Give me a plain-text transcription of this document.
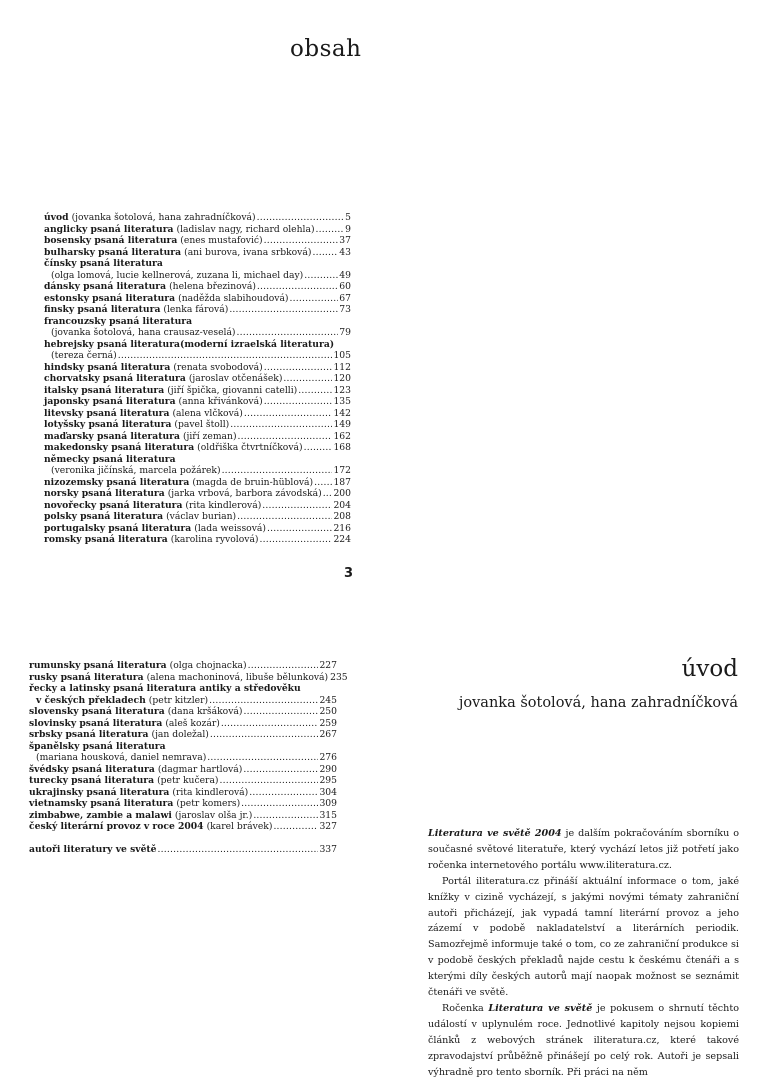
obsah
úvod (jovanka šotolová, hana zahradníčková) .....	5
anglicky psaná literatura (ladislav nagy, richard olehla) .....	9
bosensky psaná literatura (enes mustafović) .....	37
bulharsky psaná literatura (ani burova, ivana srbková) .....	43
čínsky psaná literatura
(olga lomová, lucie kellnerová, zuzana li, michael day) .....	49
dánsky psaná literatura (helena březinová) .....	60
estonsky psaná literatura (naděžda slabihoudová) .....	67
finsky psaná literatura (lenka fárová) .....	73
francouzsky psaná literatura
(jovanka šotolová, hana crausaz-veselá) .....	79
hebrejsky psaná literatura(moderní izraelská literatura)
(tereza černá) .....	105
hindsky psaná literatura (renata svobodová) .....	112
chorvatsky psaná literatura (jaroslav otčenášek) .....	120
italsky psaná literatura (jiří špička, giovanni catelli) .....	123
japonsky psaná literatura (anna křivánková) .....	135
litevsky psaná literatura (alena vlčková) .....	142
lotyšsky psaná literatura (pavel štoll) .....	149
maďarsky psaná literatura (jiří zeman) .....	162
makedonsky psaná literatura (oldřiška čtvrtníčková) .....	168
německy psaná literatura
(veronika jičínská, marcela požárek) .....	172
nizozemsky psaná literatura (magda de bruin-hüblová) ..... 187
norsky psaná literatura (jarka vrbová, barbora závodská) ..... 200
novořecky psaná literatura (rita kindlerová) .....	204
polsky psaná literatura (václav burian) .....	208
portugalsky psaná literatura (lada weissová) .....	216
romsky psaná literatura (karolina ryvolová) .....	224
3
rumunsky psaná literatura (olga chojnacka) .....	227
rusky psaná literatura (alena machoninová, libuše bělunková) 235
řecky a latinsky psaná literatura antiky a středověku
v českých překladech (petr kitzler) .....	245
slovensky psaná literatura (dana kršáková) .....	250
slovinsky psaná literatura (aleš kozár) .....	259
srbsky psaná literatura (jan doležal) .....	267
španělsky psaná literatura
(mariana housková, daniel nemrava) .....	276
švédsky psaná literatura (dagmar hartlová) .....	290
turecky psaná literatura (petr kučera) .....	295
ukrajinsky psaná literatura (rita kindlerová) .....	304
vietnamsky psaná literatura (petr komers) .....	309
zimbabwe, zambie a malawi (jaroslav olša jr.) .....	315
český literární provoz v roce 2004 (karel brávek) .....	327
autoři literatury ve světě .....	337
úvod
jovanka šotolová, hana zahradníčková

Literatura ve světě 2004 je dalším pokračováním sborníku o současné světové literatuře, který vychází letos již potřetí jako ročenka internetového portálu www.iliteratura.cz.

Portál iliteratura.cz přináší aktuální informace o tom, jaké knížky v cizině vycházejí, s jakými novými tématy zahraniční autoři přicházejí, jak vypadá tamní literární provoz a jeho zázemí v podobě nakladatelství a literárních periodik. Samozřejmě informuje také o tom, co ze zahraniční produkce si v podobě českých překladů najde cestu k českému čtenáři a s kterými díly českých autorů mají naopak možnost se seznámit čtenáři ve světě.

Ročenka Literatura ve světě je pokusem o shrnutí těchto událostí v uplynulém roce. Jednotlivé kapitoly nejsou kopiemi článků z webových stránek iliteratura.cz, které takové zpravodajství průběžně přinášejí po celý rok. Autoři je sepsali výhradně pro tento sborník. Při práci na něm
